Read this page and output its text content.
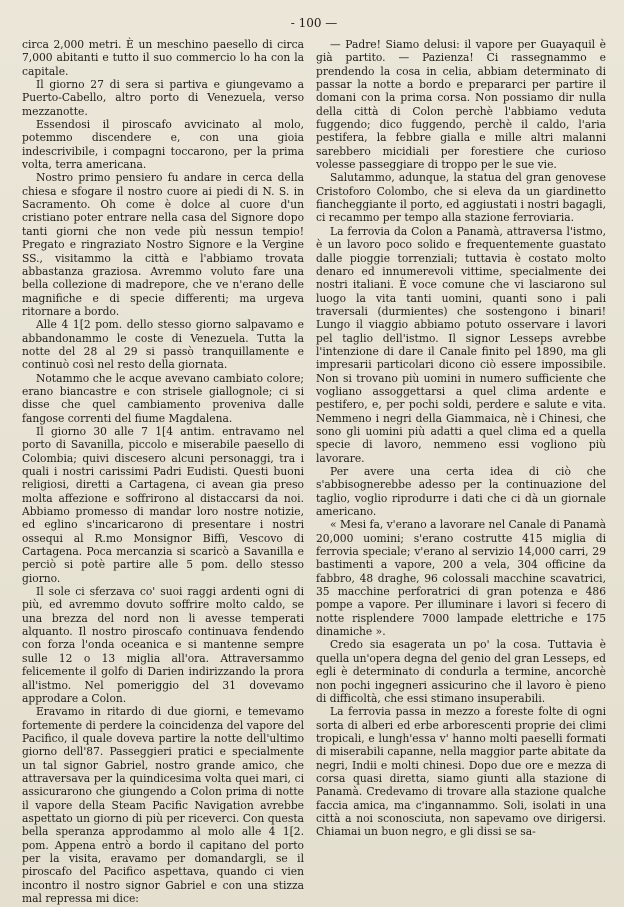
- 100 —

circa 2,000 metri. È un meschino paesello di circa 7,000 abitanti e tutto il suo commercio lo ha con la capitale.

Il giorno 27 di sera si partiva e giungevamo a Puerto-Cabello, altro porto di Venezuela, verso mezzanotte.

Essendosi il piroscafo avvicinato al molo, potemmo discendere e, con una gioia indescrivibile, i compagni toccarono, per la prima volta, terra americana.

Nostro primo pensiero fu andare in cerca della chiesa e sfogare il nostro cuore ai piedi di N. S. in Sacramento. Oh come è dolce al cuore d'un cristiano poter entrare nella casa del Signore dopo tanti giorni che non vede più nessun tempio! Pregato e ringraziato Nostro Signore e la Vergine SS., visitammo la città e l'abbiamo trovata abbastanza graziosa. Avremmo voluto fare una bella collezione di madrepore, che ve n'erano delle magnifiche e di specie differenti; ma urgeva ritornare a bordo.

Alle 4 1[2 pom. dello stesso giorno salpavamo e abbandonammo le coste di Venezuela. Tutta la notte del 28 al 29 si passò tranquillamente e continuò così nel resto della giornata.

Notammo che le acque avevano cambiato colore; erano biancastre e con strisele giallognole; ci si disse che quel cambiamento proveniva dalle fangose correnti del fiume Magdalena.

Il giorno 30 alle 7 1[4 antim. entravamo nel porto di Savanilla, piccolo e miserabile paesello di Colombia; quivi discesero alcuni personaggi, tra i quali i nostri carissimi Padri Eudisti. Questi buoni religiosi, diretti a Cartagena, ci avean gia preso molta affezione e soffrirono al distaccarsi da noi. Abbiamo promesso di mandar loro nostre notizie, ed eglino s'incaricarono di presentare i nostri ossequi al R.mo Monsignor Biffi, Vescovo di Cartagena. Poca mercanzia si scaricò a Savanilla e perciò si potè partire alle 5 pom. dello stesso giorno.

Il sole ci sferzava co' suoi raggi ardenti ogni di più, ed avremmo dovuto soffrire molto caldo, se una brezza del nord non li avesse temperati alquanto. Il nostro piroscafo continuava fendendo con forza l'onda oceanica e si mantenne sempre sulle 12 o 13 miglia all'ora. Attraversammo felicemente il golfo di Darien indirizzando la prora all'istmo. Nel pomeriggio del 31 dovevamo approdare a Colon.

Eravamo in ritardo di due giorni, e temevamo fortemente di perdere la coincidenza del vapore del Pacifico, il quale doveva partire la notte dell'ultimo giorno dell'87. Passeggieri pratici e specialmente un tal signor Gabriel, nostro grande amico, che attraversava per la quindicesima volta quei mari, ci assicurarono che giungendo a Colon prima di notte il vapore della Steam Pacific Navigation avrebbe aspettato un giorno di più per riceverci. Con questa bella speranza approdammo al molo alle 4 1[2. pom. Appena entrò a bordo il capitano del porto per la visita, eravamo per domandargli, se il piroscafo del Pacifico aspettava, quando ci vien incontro il nostro signor Gabriel e con una stizza mal repressa mi dice:

— Padre! Siamo delusi: il vapore per Guayaquil è già partito. — Pazienza! Ci rassegnammo e prendendo la cosa in celia, abbiam determinato di passar la notte a bordo e prepararci per partire il domani con la prima corsa. Non possiamo dir nulla della città di Colon perchè l'abbiamo veduta fuggendo; dico fuggendo, perchè il caldo, l'aria pestifera, la febbre gialla e mille altri malanni sarebbero micidiali per forestiere che curioso volesse passeggiare di troppo per le sue vie.

Salutammo, adunque, la statua del gran genovese Cristoforo Colombo, che si eleva da un giardinetto fiancheggiante il porto, ed aggiustati i nostri bagagli, ci recammo per tempo alla stazione ferroviaria.

La ferrovia da Colon a Panamà, attraversa l'istmo, è un lavoro poco solido e frequentemente guastato dalle pioggie torrenziali; tuttavia è costato molto denaro ed innumerevoli vittime, specialmente dei nostri italiani. È voce comune che vi lasciarono sul luogo la vita tanti uomini, quanti sono i pali traversali (durmientes) che sostengono i binari! Lungo il viaggio abbiamo potuto osservare i lavori pel taglio dell'istmo. Il signor Lesseps avrebbe l'intenzione di dare il Canale finito pel 1890, ma gli impresarii particolari dicono ciò essere impossibile. Non si trovano più uomini in numero sufficiente che vogliano assoggettarsi a quel clima ardente e pestifero, e, per pochi soldi, perdere e salute e vita. Nemmeno i negri della Giammaica, nè i Chinesi, che sono gli uomini più adatti a quel clima ed a quella specie di lavoro, nemmeno essi vogliono più lavorare.

Per avere una certa idea di ciò che s'abbisognerebbe adesso per la continuazione del taglio, voglio riprodurre i dati che ci dà un giornale americano.

« Mesi fa, v'erano a lavorare nel Canale di Panamà 20,000 uomini; s'erano costrutte 415 miglia di ferrovia speciale; v'erano al servizio 14,000 carri, 29 bastimenti a vapore, 200 a vela, 304 officine da fabbro, 48 draghe, 96 colossali macchine scavatrici, 35 macchine perforatrici di gran potenza e 486 pompe a vapore. Per illuminare i lavori si fecero di notte risplendere 7000 lampade elettriche e 175 dinamiche ».

Credo sia esagerata un po' la cosa. Tuttavia è quella un'opera degna del genio del gran Lesseps, ed egli è determinato di condurla a termine, ancorchè non pochi ingegneri assicurino che il lavoro è pieno di difficoltà, che essi stimano insuperabili.

La ferrovia passa in mezzo a foreste folte di ogni sorta di alberi ed erbe arborescenti proprie dei climi tropicali, e lungh'essa v' hanno molti paeselli formati di miserabili capanne, nella maggior parte abitate da negri, Indii e molti chinesi. Dopo due ore e mezza di corsa quasi diretta, siamo giunti alla stazione di Panamà. Credevamo di trovare alla stazione qualche faccia amica, ma c'ingannammo. Soli, isolati in una città a noi sconosciuta, non sapevamo ove dirigersi. Chiamai un buon negro, e gli dissi se sa-
